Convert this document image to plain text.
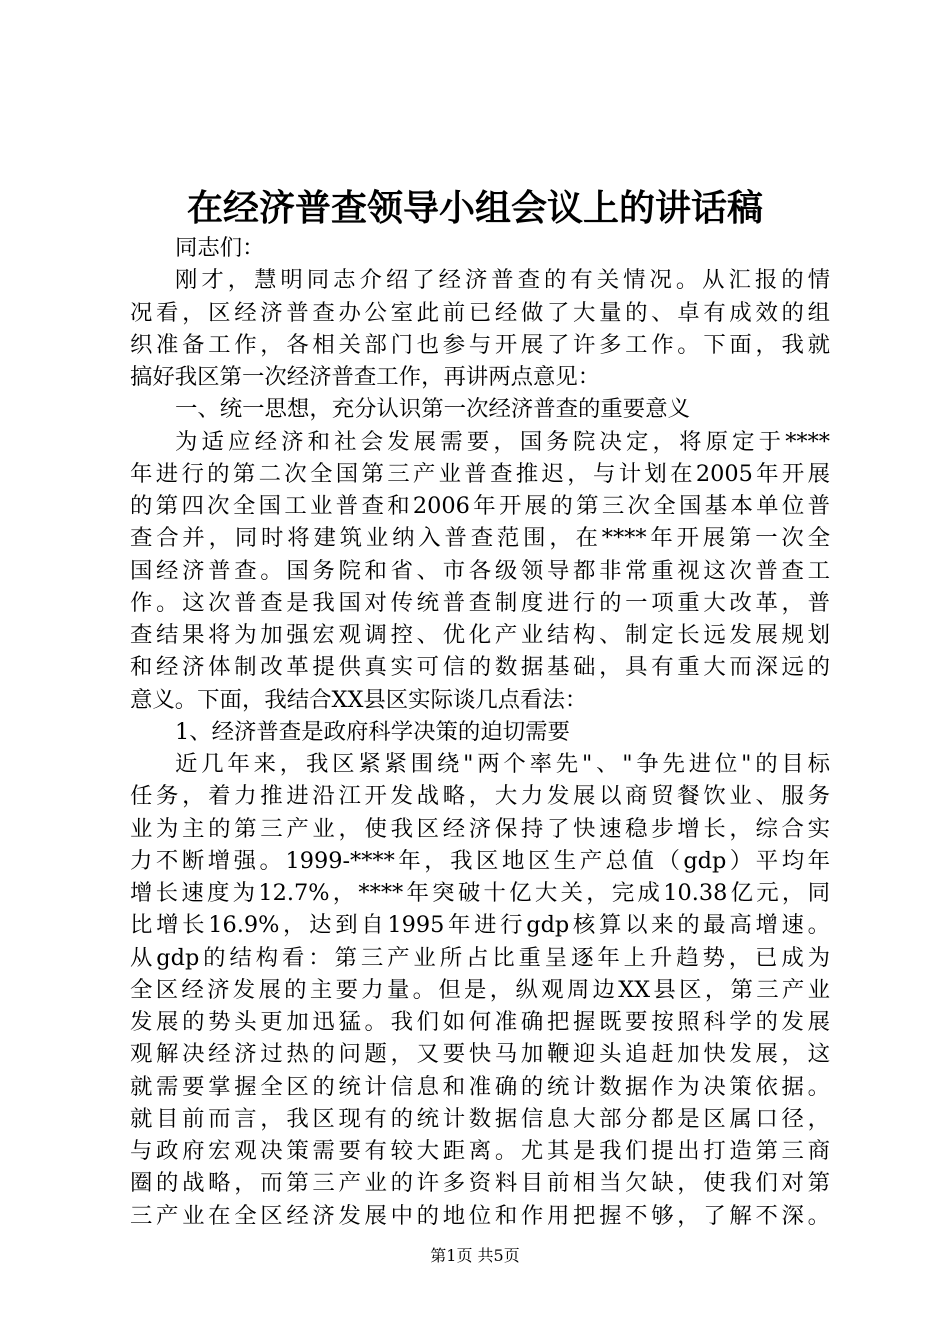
在经济普查领导小组会议上的讲话稿
同志们：
刚才，慧明同志介绍了经济普查的有关情况。从汇报的情
况看，区经济普查办公室此前已经做了大量的、卓有成效的组
织准备工作，各相关部门也参与开展了许多工作。下面，我就
搞好我区第一次经济普查工作，再讲两点意见：
一、统一思想，充分认识第一次经济普查的重要意义
为适应经济和社会发展需要，国务院决定，将原定于****
年进行的第二次全国第三产业普查推迟，与计划在2005年开展
的第四次全国工业普查和2006年开展的第三次全国基本单位普
查合并，同时将建筑业纳入普查范围，在****年开展第一次全
国经济普查。国务院和省、市各级领导都非常重视这次普查工
作。这次普查是我国对传统普查制度进行的一项重大改革，普
查结果将为加强宏观调控、优化产业结构、制定长远发展规划
和经济体制改革提供真实可信的数据基础，具有重大而深远的
意义。下面，我结合XX县区实际谈几点看法：
1、经济普查是政府科学决策的迫切需要
近几年来，我区紧紧围绕"两个率先"、"争先进位"的目标
任务，着力推进沿江开发战略，大力发展以商贸餐饮业、服务
业为主的第三产业，使我区经济保持了快速稳步增长，综合实
力不断增强。1999-****年，我区地区生产总值（gdp）平均年
增长速度为12.7%，****年突破十亿大关，完成10.38亿元，同
比增长16.9%，达到自1995年进行gdp核算以来的最高增速。
从gdp的结构看：第三产业所占比重呈逐年上升趋势，已成为
全区经济发展的主要力量。但是，纵观周边XX县区，第三产业
发展的势头更加迅猛。我们如何准确把握既要按照科学的发展
观解决经济过热的问题，又要快马加鞭迎头追赶加快发展，这
就需要掌握全区的统计信息和准确的统计数据作为决策依据。
就目前而言，我区现有的统计数据信息大部分都是区属口径，
与政府宏观决策需要有较大距离。尤其是我们提出打造第三商
圈的战略，而第三产业的许多资料目前相当欠缺，使我们对第
三产业在全区经济发展中的地位和作用把握不够，了解不深。
第1页 共5页
